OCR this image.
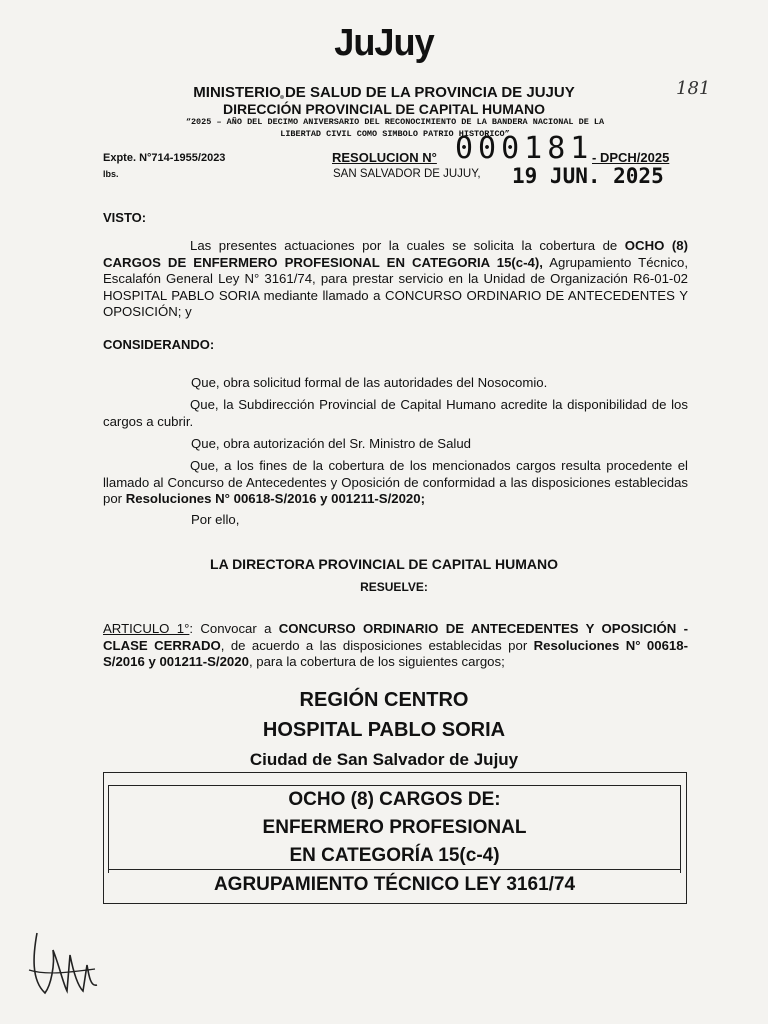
JuJuy
181
MINISTERIO DE SALUD DE LA PROVINCIA DE JUJUY
DIRECCIÓN PROVINCIAL DE CAPITAL HUMANO
“2025 – AÑO DEL DECIMO ANIVERSARIO DEL RECONOCIMIENTO DE LA BANDERA NACIONAL DE LA
LIBERTAD CIVIL COMO SIMBOLO PATRIO HISTORICO”
Expte. N°714-1955/2023
lbs.
RESOLUCION N° 000181
- DPCH/2025
SAN SALVADOR DE JUJUY, 19 JUN. 2025
VISTO:
Las presentes actuaciones por la cuales se solicita la cobertura de OCHO (8) CARGOS DE ENFERMERO PROFESIONAL EN CATEGORIA 15(c-4), Agrupamiento Técnico, Escalafón General Ley N° 3161/74, para prestar servicio en la Unidad de Organización R6-01-02 HOSPITAL PABLO SORIA mediante llamado a CONCURSO ORDINARIO DE ANTECEDENTES Y OPOSICIÓN; y
CONSIDERANDO:
Que, obra solicitud formal de las autoridades del Nosocomio.
Que, la Subdirección Provincial de Capital Humano acredite la disponibilidad de los cargos a cubrir.
Que, obra autorización del Sr. Ministro de Salud
Que, a los fines de la cobertura de los mencionados cargos resulta procedente el llamado al Concurso de Antecedentes y Oposición de conformidad a las disposiciones establecidas por Resoluciones N° 00618-S/2016 y 001211-S/2020;
Por ello,
LA DIRECTORA PROVINCIAL DE CAPITAL HUMANO
RESUELVE:
ARTICULO 1°: Convocar a CONCURSO ORDINARIO DE ANTECEDENTES Y OPOSICIÓN - CLASE CERRADO, de acuerdo a las disposiciones establecidas por Resoluciones N° 00618-S/2016 y 001211-S/2020, para la cobertura de los siguientes cargos;
REGIÓN CENTRO
HOSPITAL PABLO SORIA
Ciudad de San Salvador de Jujuy
OCHO (8) CARGOS DE:
ENFERMERO PROFESIONAL
EN CATEGORÍA 15(c-4)
AGRUPAMIENTO TÉCNICO LEY 3161/74
